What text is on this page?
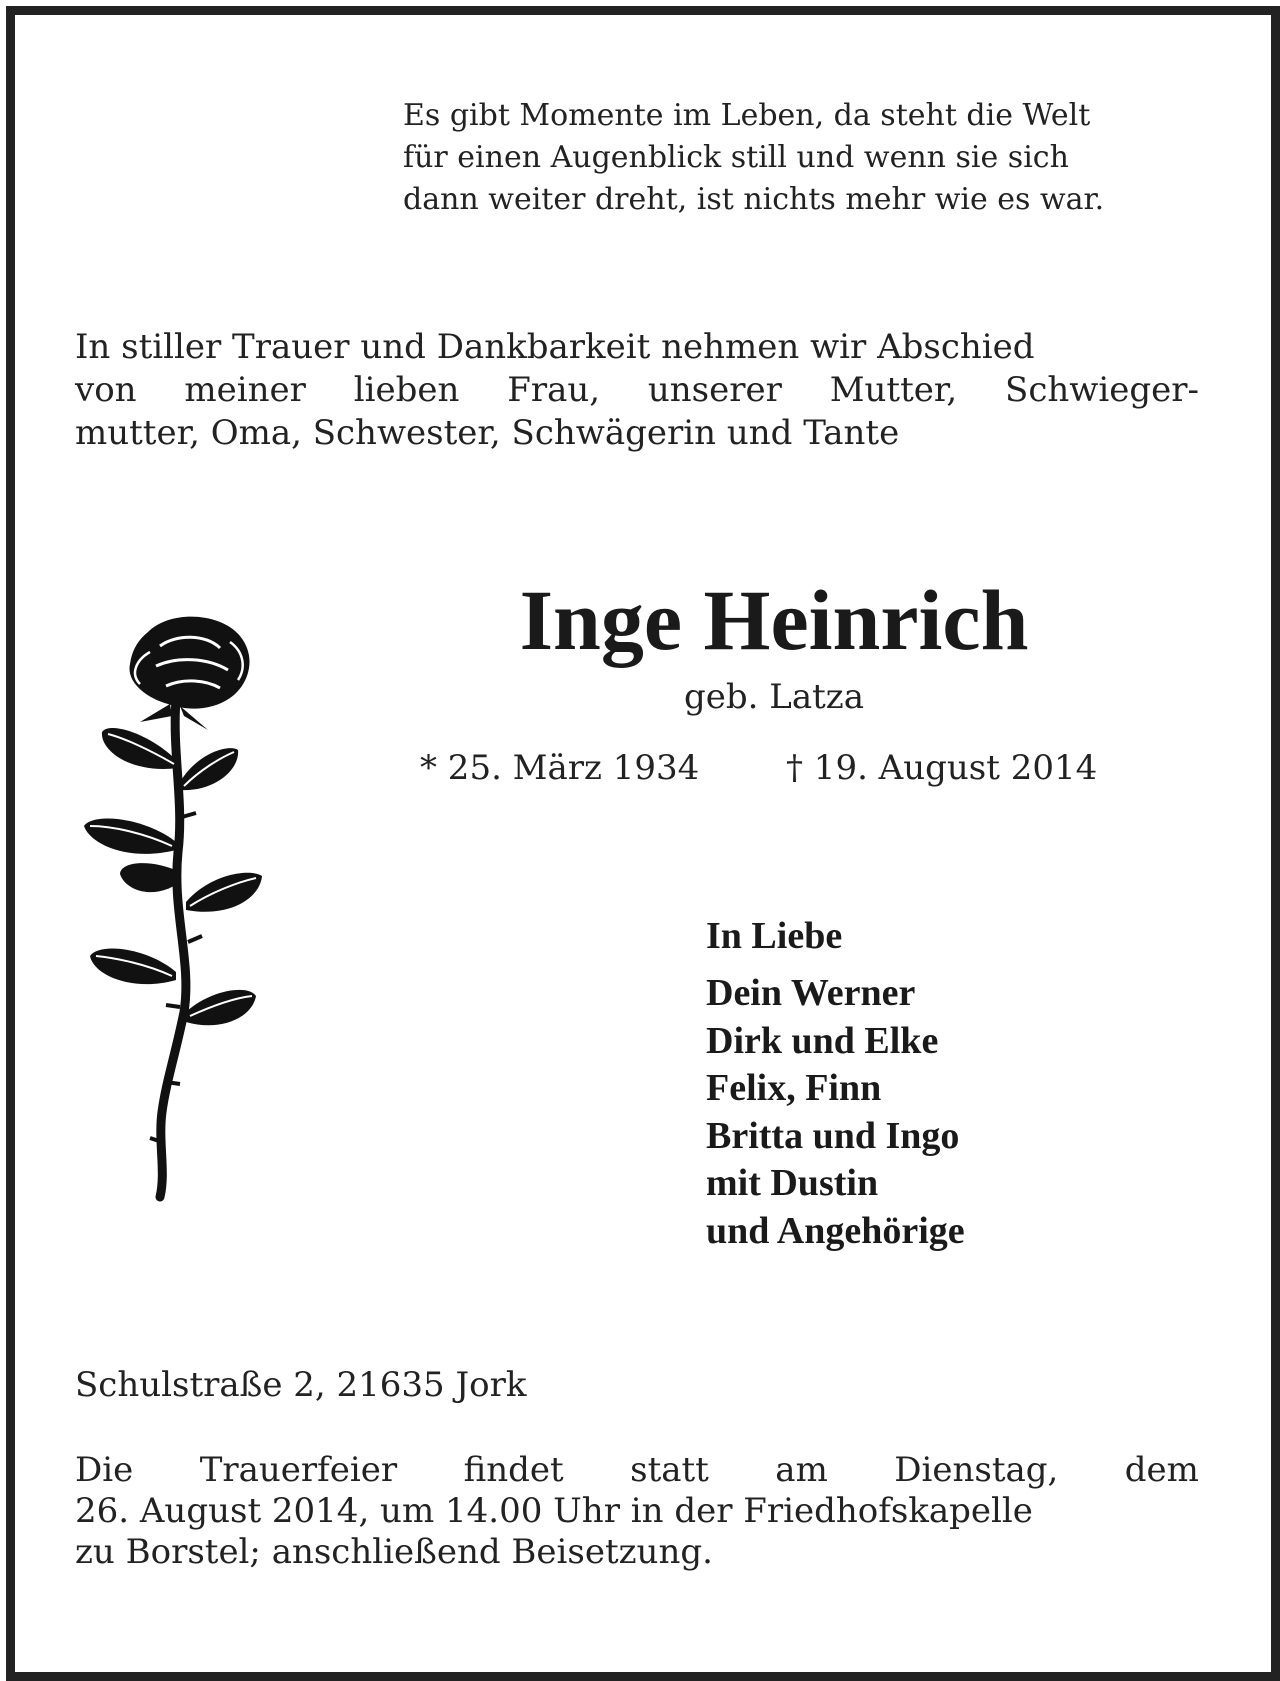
Es gibt Momente im Leben, da steht die Welt
für einen Augenblick still und wenn sie sich
dann weiter dreht, ist nichts mehr wie es war.
In stiller Trauer und Dankbarkeit nehmen wir Abschied
von meiner lieben Frau, unserer Mutter, Schwieger-
mutter, Oma, Schwester, Schwägerin und Tante
Inge Heinrich
geb. Latza
* 25. März 1934	† 19. August 2014
In Liebe
Dein Werner
Dirk und Elke
Felix, Finn
Britta und Ingo
mit Dustin
und Angehörige
Schulstraße 2, 21635 Jork
Die Trauerfeier findet statt am Dienstag, dem
26. August 2014, um 14.00 Uhr in der Friedhofskapelle
zu Borstel; anschließend Beisetzung.
